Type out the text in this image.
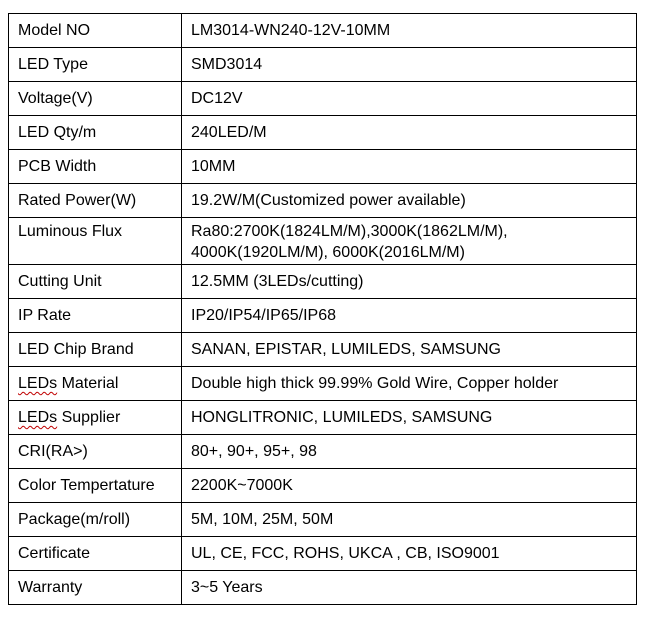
Model NO	LM3014-WN240-12V-10MM
LED Type	SMD3014
Voltage(V)	DC12V
LED Qty/m	240LED/M
PCB Width	10MM
Rated Power(W)	19.2W/M(Customized power available)
Luminous Flux	Ra80:2700K(1824LM/M),3000K(1862LM/M),
4000K(1920LM/M), 6000K(2016LM/M)
Cutting Unit	12.5MM (3LEDs/cutting)
IP Rate	IP20/IP54/IP65/IP68
LED Chip Brand	SANAN, EPISTAR, LUMILEDS, SAMSUNG
LEDs Material	Double high thick 99.99% Gold Wire, Copper holder
LEDs Supplier	HONGLITRONIC, LUMILEDS, SAMSUNG
CRI(RA>)	80+, 90+, 95+, 98
Color Tempertature	2200K~7000K
Package(m/roll)	5M, 10M, 25M, 50M
Certificate	UL, CE, FCC, ROHS, UKCA , CB, ISO9001
Warranty	3~5 Years
